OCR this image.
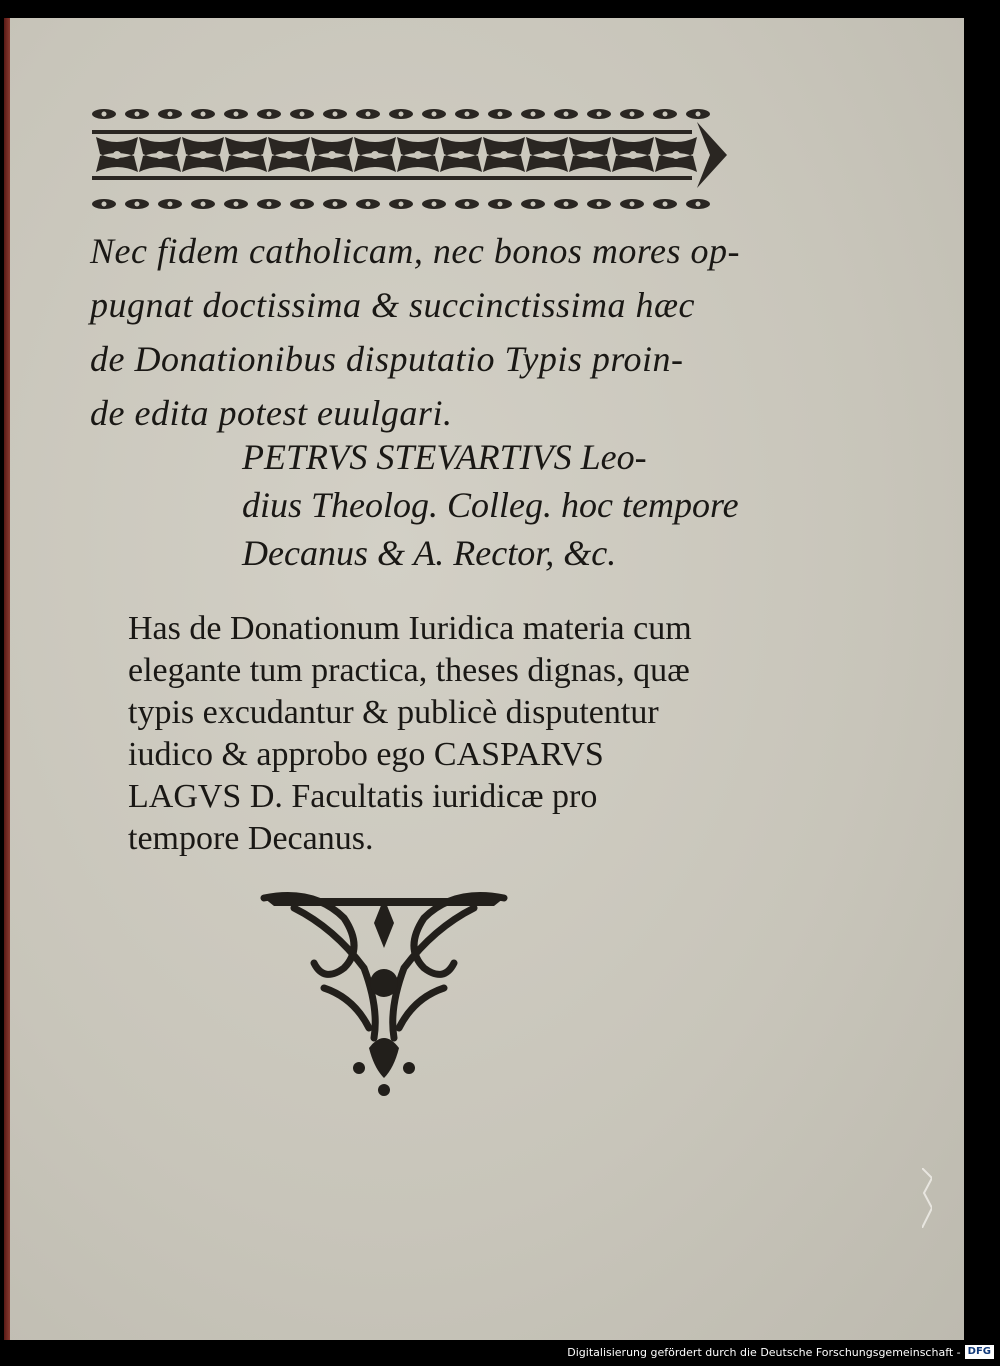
Nec fidem catholicam, nec bonos mores op-

pugnat doctissima & succinctissima hæc

de Donationibus disputatio Typis proin-

de edita potest euulgari.

PETRVS STEVARTIVS Leo-

dius Theolog. Colleg. hoc tempore

Decanus & A. Rector, &c.

Has de Donationum Iuridica materia cum

elegante tum practica, theses dignas, quæ

typis excudantur & publicè disputentur

iudico & approbo ego CASPARVS

LAGVS D. Facultatis iuridicæ pro

tempore Decanus.

Digitalisierung gefördert durch die Deutsche Forschungsgemeinschaft - DFG
